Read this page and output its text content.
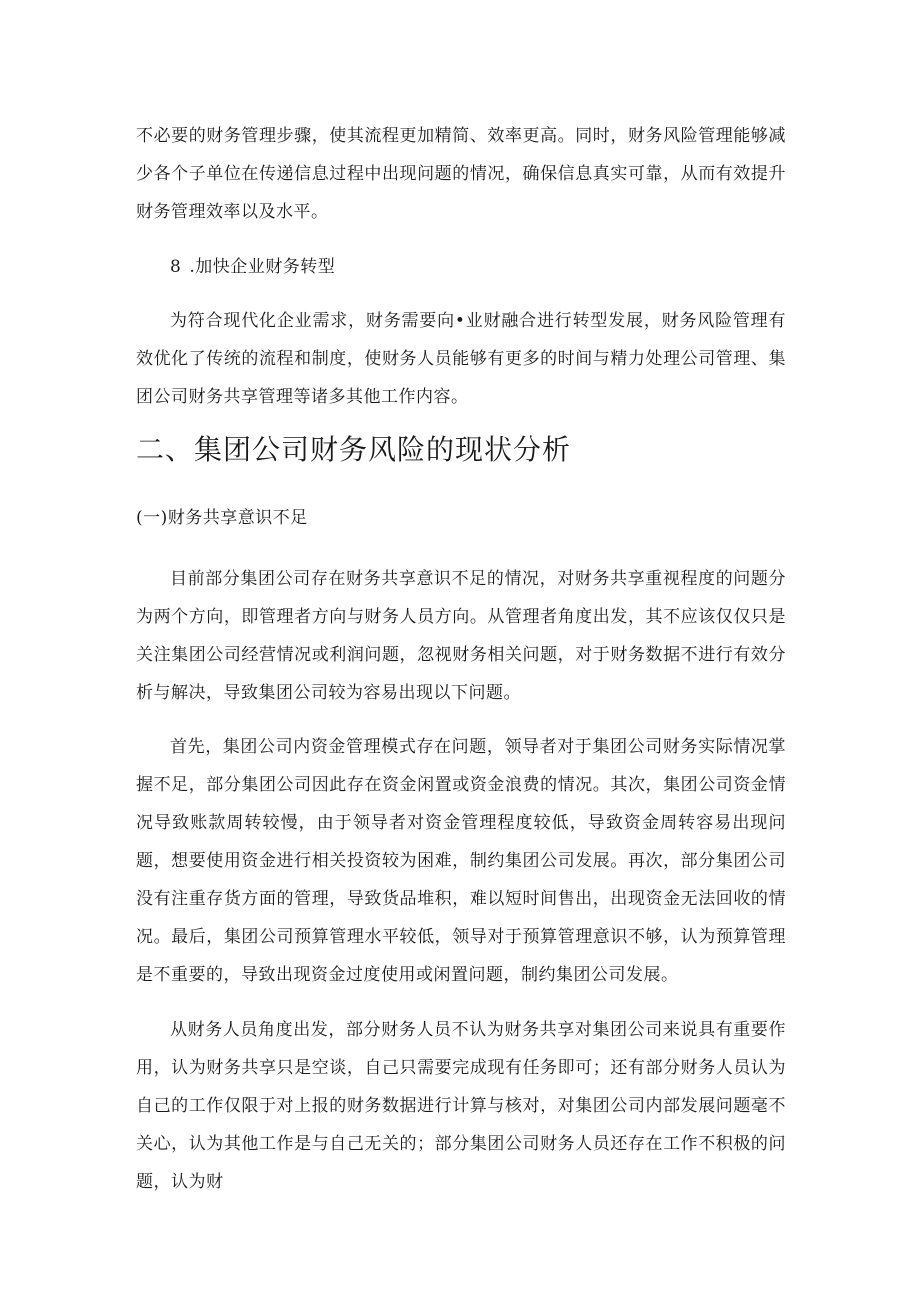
不必要的财务管理步骤，使其流程更加精简、效率更高。同时，财务风险管理能够减少各个子单位在传递信息过程中出现问题的情况，确保信息真实可靠，从而有效提升财务管理效率以及水平。

8 .加快企业财务转型

为符合现代化企业需求，财务需要向•业财融合进行转型发展，财务风险管理有效优化了传统的流程和制度，使财务人员能够有更多的时间与精力处理公司管理、集团公司财务共享管理等诸多其他工作内容。

二、集团公司财务风险的现状分析
(一)财务共享意识不足

目前部分集团公司存在财务共享意识不足的情况，对财务共享重视程度的问题分为两个方向，即管理者方向与财务人员方向。从管理者角度出发，其不应该仅仅只是关注集团公司经营情况或利润问题，忽视财务相关问题，对于财务数据不进行有效分析与解决，导致集团公司较为容易出现以下问题。

首先，集团公司内资金管理模式存在问题，领导者对于集团公司财务实际情况掌握不足，部分集团公司因此存在资金闲置或资金浪费的情况。其次，集团公司资金情况导致账款周转较慢，由于领导者对资金管理程度较低，导致资金周转容易出现问题，想要使用资金进行相关投资较为困难，制约集团公司发展。再次，部分集团公司没有注重存货方面的管理，导致货品堆积，难以短时间售出，出现资金无法回收的情况。最后，集团公司预算管理水平较低，领导对于预算管理意识不够，认为预算管理是不重要的，导致出现资金过度使用或闲置问题，制约集团公司发展。

从财务人员角度出发，部分财务人员不认为财务共享对集团公司来说具有重要作用，认为财务共享只是空谈，自己只需要完成现有任务即可；还有部分财务人员认为自己的工作仅限于对上报的财务数据进行计算与核对，对集团公司内部发展问题毫不关心，认为其他工作是与自己无关的；部分集团公司财务人员还存在工作不积极的问题，认为财
